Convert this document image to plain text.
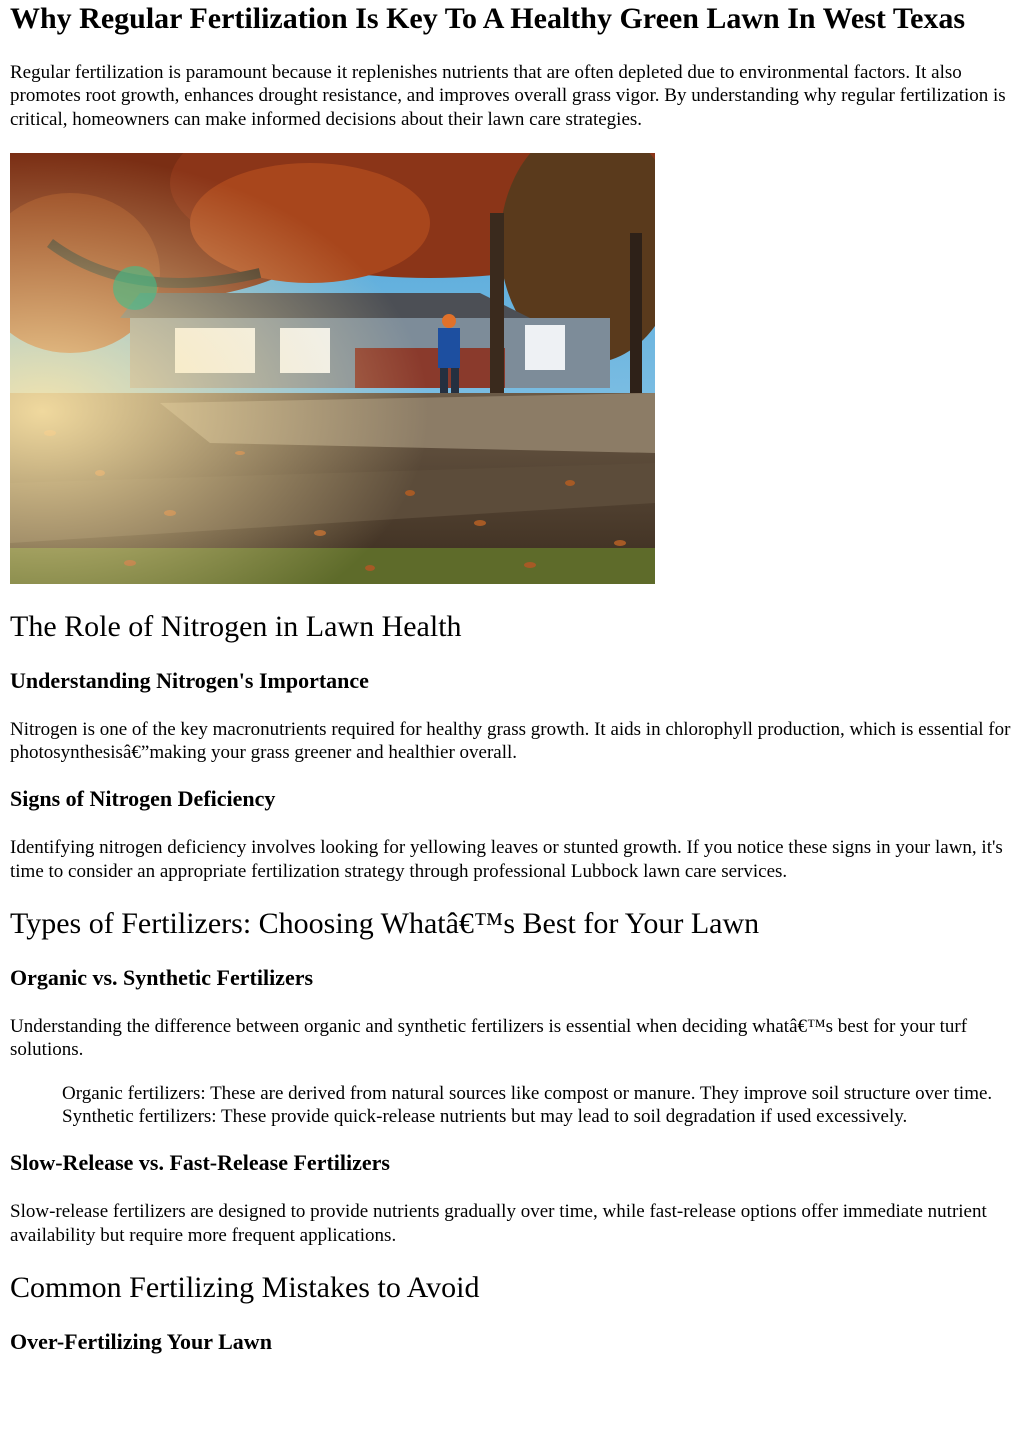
Why Regular Fertilization Is Key To A Healthy Green Lawn In West Texas

Regular fertilization is paramount because it replenishes nutrients that are often depleted due to environmental factors. It also promotes root growth, enhances drought resistance, and improves overall grass vigor. By understanding why regular fertilization is critical, homeowners can make informed decisions about their lawn care strategies.

The Role of Nitrogen in Lawn Health
Understanding Nitrogen's Importance

Nitrogen is one of the key macronutrients required for healthy grass growth. It aids in chlorophyll production, which is essential for photosynthesisâ€”making your grass greener and healthier overall.

Signs of Nitrogen Deficiency

Identifying nitrogen deficiency involves looking for yellowing leaves or stunted growth. If you notice these signs in your lawn, it's time to consider an appropriate fertilization strategy through professional Lubbock lawn care services.

Types of Fertilizers: Choosing Whatâ€™s Best for Your Lawn
Organic vs. Synthetic Fertilizers

Understanding the difference between organic and synthetic fertilizers is essential when deciding whatâ€™s best for your turf solutions.

Organic fertilizers: These are derived from natural sources like compost or manure. They improve soil structure over time. Synthetic fertilizers: These provide quick-release nutrients but may lead to soil degradation if used excessively.

Slow-Release vs. Fast-Release Fertilizers

Slow-release fertilizers are designed to provide nutrients gradually over time, while fast-release options offer immediate nutrient availability but require more frequent applications.

Common Fertilizing Mistakes to Avoid
Over-Fertilizing Your Lawn
